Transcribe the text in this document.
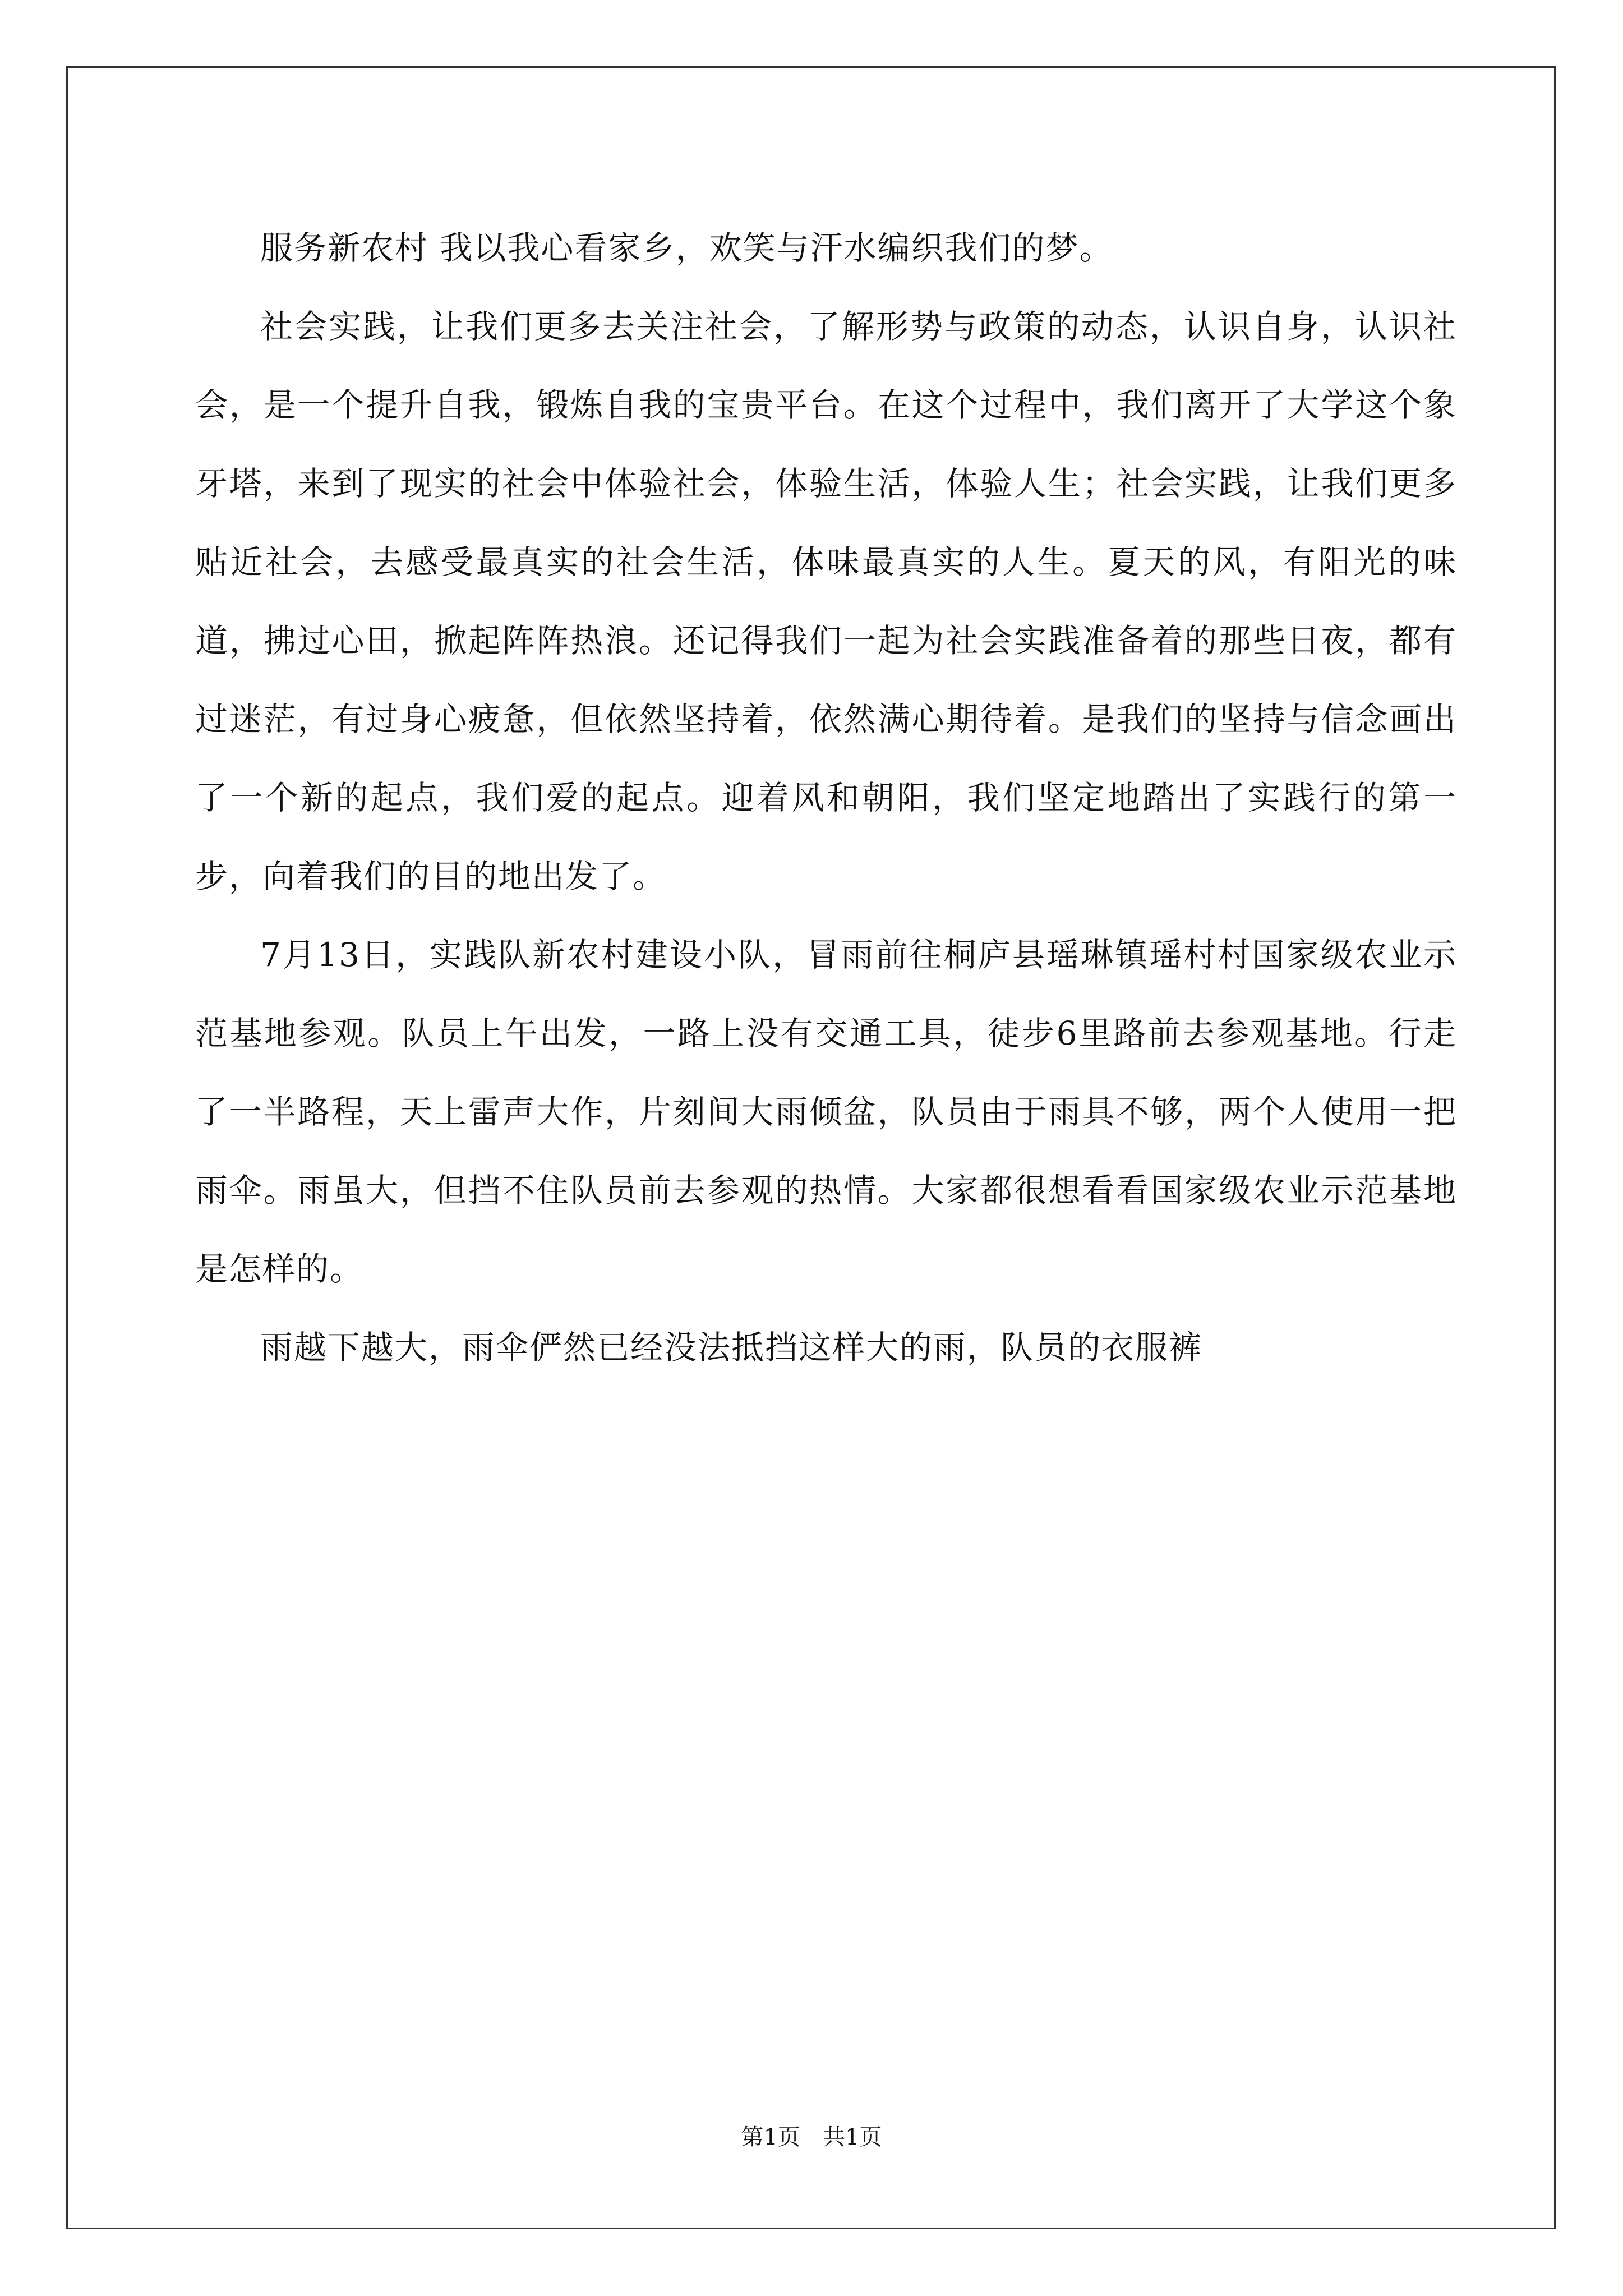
服务新农村 我以我心看家乡，欢笑与汗水编织我们的梦。

社会实践，让我们更多去关注社会，了解形势与政策的动态，认识自身，认识社会，是一个提升自我，锻炼自我的宝贵平台。在这个过程中，我们离开了大学这个象牙塔，来到了现实的社会中体验社会，体验生活，体验人生；社会实践，让我们更多贴近社会，去感受最真实的社会生活，体味最真实的人生。夏天的风，有阳光的味道，拂过心田，掀起阵阵热浪。还记得我们一起为社会实践准备着的那些日夜，都有过迷茫，有过身心疲惫，但依然坚持着，依然满心期待着。是我们的坚持与信念画出了一个新的起点，我们爱的起点。迎着风和朝阳，我们坚定地踏出了实践行的第一步，向着我们的目的地出发了。

7月13日，实践队新农村建设小队，冒雨前往桐庐县瑶琳镇瑶村村国家级农业示范基地参观。队员上午出发，一路上没有交通工具，徒步6里路前去参观基地。行走了一半路程，天上雷声大作，片刻间大雨倾盆，队员由于雨具不够，两个人使用一把雨伞。雨虽大，但挡不住队员前去参观的热情。大家都很想看看国家级农业示范基地是怎样的。

雨越下越大，雨伞俨然已经没法抵挡这样大的雨，队员的衣服裤

第1页 共1页
